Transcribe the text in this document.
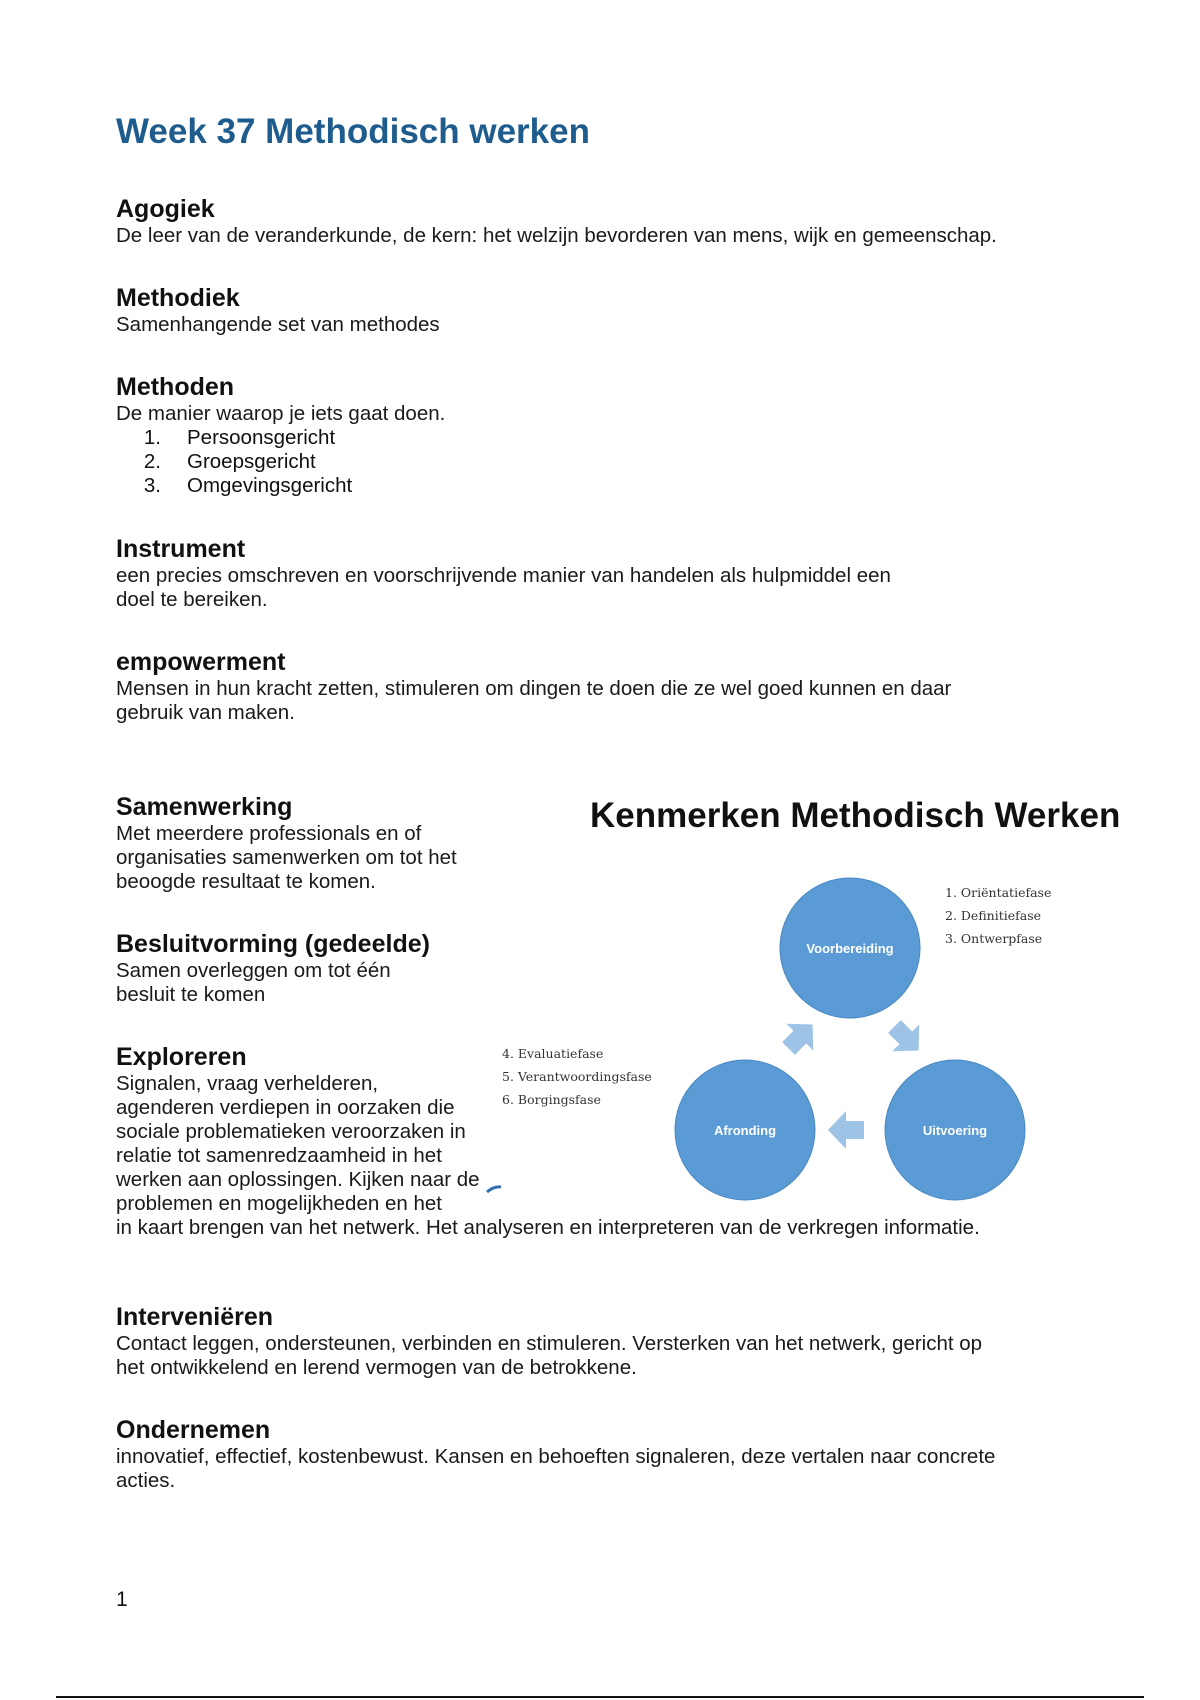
Week 37 Methodisch werken
Agogiek

De leer van de veranderkunde, de kern: het welzijn bevorderen van mens, wijk en gemeenschap.

Methodiek

Samenhangende set van methodes

Methoden

De manier waarop je iets gaat doen.

1. Persoonsgericht
2. Groepsgericht
3. Omgevingsgericht
Instrument

een precies omschreven en voorschrijvende manier van handelen als hulpmiddel een

doel te bereiken.

empowerment

Mensen in hun kracht zetten, stimuleren om dingen te doen die ze wel goed kunnen en daar

gebruik van maken.

Samenwerking

Met meerdere professionals en of organisaties samenwerken om tot het beoogde resultaat te komen.

Besluitvorming (gedeelde)

Samen overleggen om tot één besluit te komen

Exploreren

Signalen, vraag verhelderen, agenderen verdiepen in oorzaken die sociale problematieken veroorzaken in relatie tot samenredzaamheid in het werken aan oplossingen. Kijken naar de problemen en mogelijkheden en het

in kaart brengen van het netwerk. Het analyseren en interpreteren van de verkregen informatie.

Interveniëren

Contact leggen, ondersteunen, verbinden en stimuleren. Versterken van het netwerk, gericht op

het ontwikkelend en lerend vermogen van de betrokkene.

Ondernemen

innovatief, effectief, kostenbewust. Kansen en behoeften signaleren, deze vertalen naar concrete

acties.

Kenmerken Methodisch Werken
Voorbereiding
Uitvoering
Afronding
1. Oriëntatiefase
2. Definitiefase
3. Ontwerpfase
4. Evaluatiefase
5. Verantwoordingsfase
6. Borgingsfase

1
